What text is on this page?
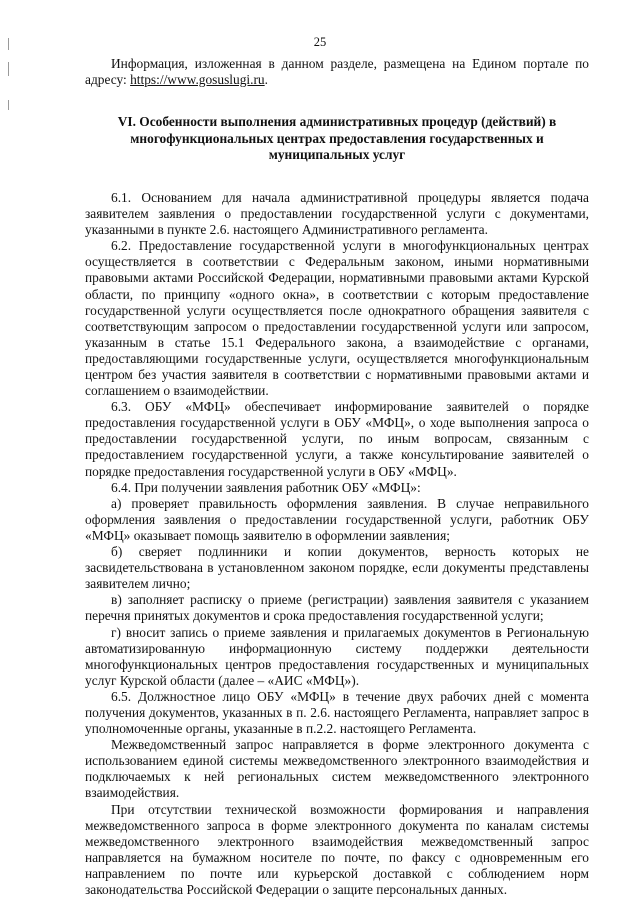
25

Информация, изложенная в данном разделе, размещена на Едином портале по адресу: https://www.gosuslugi.ru.

VI. Особенности выполнения административных процедур (действий) в многофункциональных центрах предоставления государственных и муниципальных услуг

6.1. Основанием для начала административной процедуры является подача заявителем заявления о предоставлении государственной услуги с документами, указанными в пункте 2.6. настоящего Административного регламента.

6.2. Предоставление государственной услуги в многофункциональных центрах осуществляется в соответствии с Федеральным законом, иными нормативными правовыми актами Российской Федерации, нормативными правовыми актами Курской области, по принципу «одного окна», в соответствии с которым предоставление государственной услуги осуществляется после однократного обращения заявителя с соответствующим запросом о предоставлении государственной услуги или запросом, указанным в статье 15.1 Федерального закона, а взаимодействие с органами, предоставляющими государственные услуги, осуществляется многофункциональным центром без участия заявителя в соответствии с нормативными правовыми актами и соглашением о взаимодействии.

6.3. ОБУ «МФЦ» обеспечивает информирование заявителей о порядке предоставления государственной услуги в ОБУ «МФЦ», о ходе выполнения запроса о предоставлении государственной услуги, по иным вопросам, связанным с предоставлением государственной услуги, а также консультирование заявителей о порядке предоставления государственной услуги в ОБУ «МФЦ».

6.4. При получении заявления работник ОБУ «МФЦ»:

а) проверяет правильность оформления заявления. В случае неправильного оформления заявления о предоставлении государственной услуги, работник ОБУ «МФЦ» оказывает помощь заявителю в оформлении заявления;

б) сверяет подлинники и копии документов, верность которых не засвидетельствована в установленном законом порядке, если документы представлены заявителем лично;

в) заполняет расписку о приеме (регистрации) заявления заявителя с указанием перечня принятых документов и срока предоставления государственной услуги;

г) вносит запись о приеме заявления и прилагаемых документов в Региональную автоматизированную информационную систему поддержки деятельности многофункциональных центров предоставления государственных и муниципальных услуг Курской области (далее – «АИС «МФЦ»).

6.5. Должностное лицо ОБУ «МФЦ» в течение двух рабочих дней с момента получения документов, указанных в п. 2.6. настоящего Регламента, направляет запрос в уполномоченные органы, указанные в п.2.2. настоящего Регламента.

Межведомственный запрос направляется в форме электронного документа с использованием единой системы межведомственного электронного взаимодействия и подключаемых к ней региональных систем межведомственного электронного взаимодействия.

При отсутствии технической возможности формирования и направления межведомственного запроса в форме электронного документа по каналам системы межведомственного электронного взаимодействия межведомственный запрос направляется на бумажном носителе по почте, по факсу с одновременным его направлением по почте или курьерской доставкой с соблюдением норм законодательства Российской Федерации о защите персональных данных.
